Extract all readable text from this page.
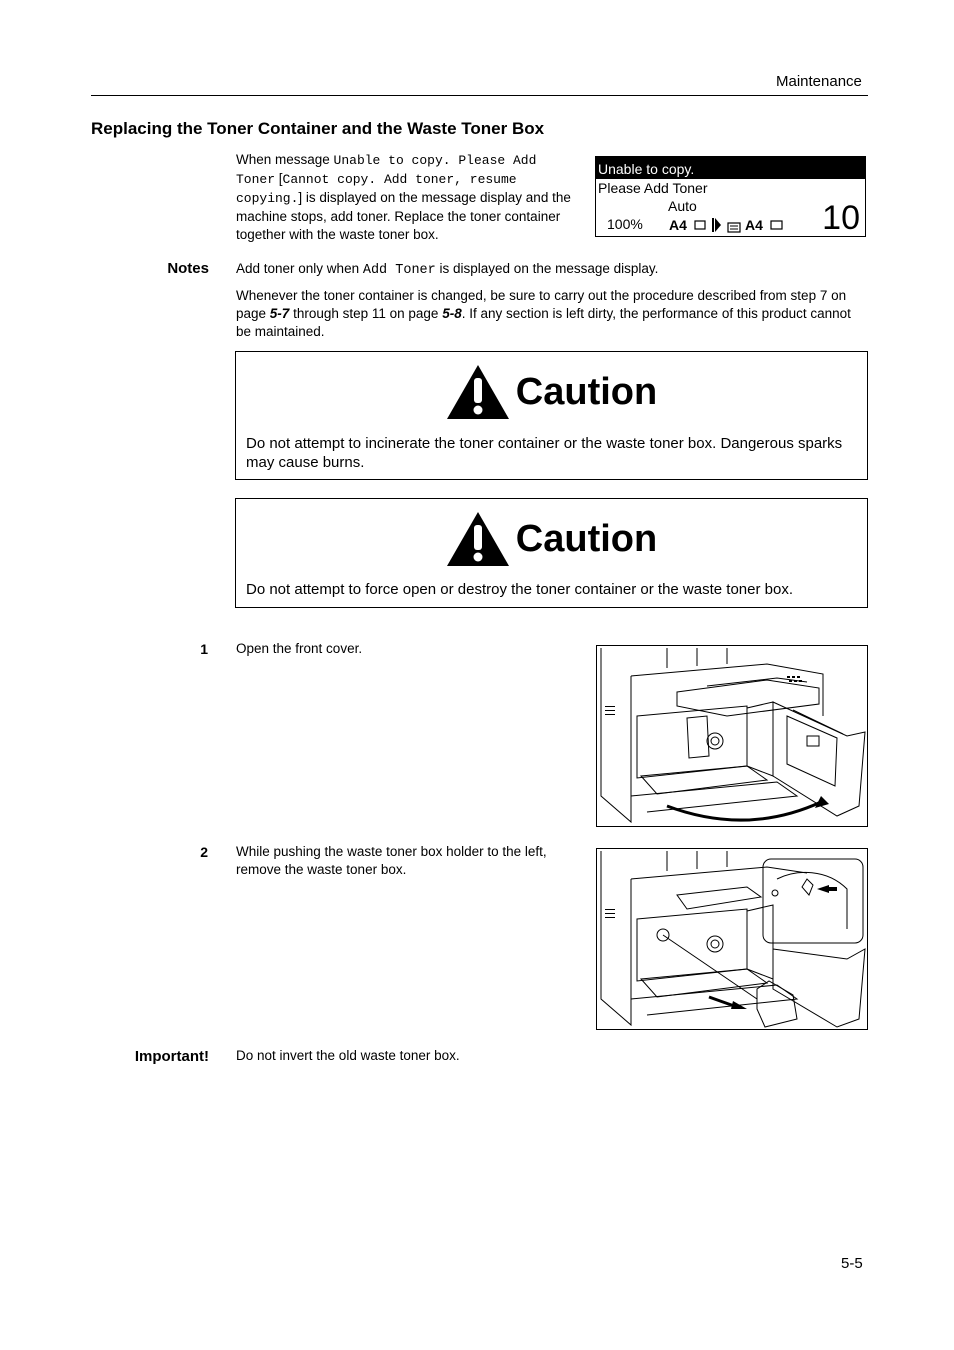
Maintenance
Replacing the Toner Container and the Waste Toner Box
When message Unable to copy. Please Add Toner [Cannot copy. Add toner, resume copying.] is displayed on the message display and the machine stops, add toner. Replace the toner container together with the waste toner box.
Unable to copy.
Please Add Toner
Auto
100% A4	A4 10
Notes Add toner only when Add Toner is displayed on the message display.
Whenever the toner container is changed, be sure to carry out the procedure described from step 7 on page 5-7 through step 11 on page 5-8. If any section is left dirty, the performance of this product cannot be maintained.
Caution
Do not attempt to incinerate the toner container or the waste toner box. Dangerous sparks may cause burns.
Caution
Do not attempt to force open or destroy the toner container or the waste toner box.
1 Open the front cover.
2 While pushing the waste toner box holder to the left, remove the waste toner box.
Important! Do not invert the old waste toner box.
5-5
